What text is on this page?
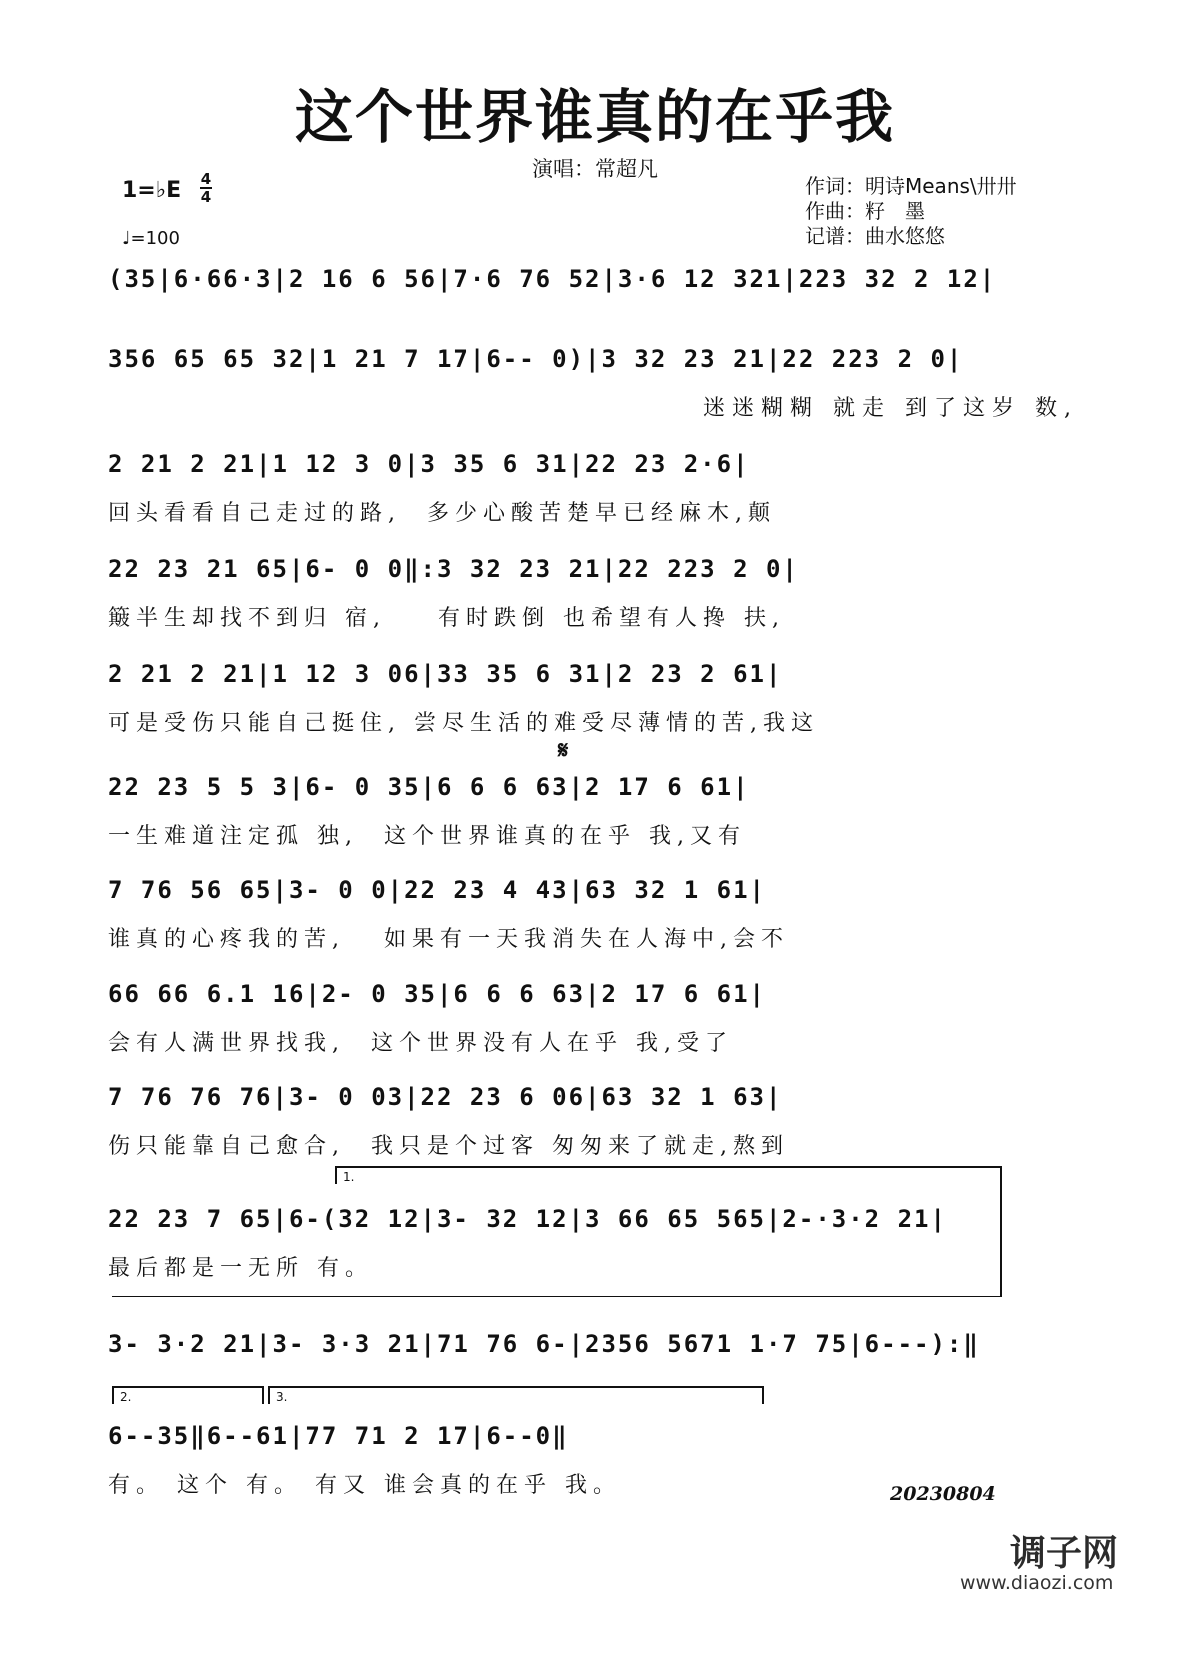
这个世界谁真的在乎我
演唱：常超凡
1=♭E 4
4
♩=100
作词：明诗Means\卅卅
作曲：籽　墨
记谱：曲水悠悠
(35|6·66·3|2 16 6 56|7·6 76 52|3·6 12 321|223 32 2 12|
356 65 65 32|1 21 7 17|6-- 0)|3 32 23 21|22 223 2 0|
迷迷糊糊 就走 到了这岁 数,
2 21 2 21|1 12 3 0|3 35 6 31|22 23 2·6|
回头看看自己走过的路,  多少心酸苦楚早已经麻木,颠
22 23 21 65|6- 0 0‖:3 32 23 21|22 223 2 0|
簸半生却找不到归 宿,    有时跌倒 也希望有人搀 扶,
2 21 2 21|1 12 3 06|33 35 6 31|2 23 2 61|
可是受伤只能自己挺住, 尝尽生活的难受尽薄情的苦,我这
𝄋
22 23 5 5 3|6- 0 35|6 6 6 63|2 17 6 61|
一生难道注定孤 独,  这个世界谁真的在乎 我,又有
7 76 56 65|3- 0 0|22 23 4 43|63 32 1 61|
谁真的心疼我的苦,   如果有一天我消失在人海中,会不
66 66 6.1 16|2- 0 35|6 6 6 63|2 17 6 61|
会有人满世界找我,  这个世界没有人在乎 我,受了
7 76 76 76|3- 0 03|22 23 6 06|63 32 1 63|
伤只能靠自己愈合,  我只是个过客 匆匆来了就走,熬到
1.
22 23 7 65|6-(32 12|3- 32 12|3 66 65 565|2-·3·2 21|
最后都是一无所 有。
3- 3·2 21|3- 3·3 21|71 76 6-|2356 5671 1·7 75|6---):‖
2.	3.
6--35‖6--61|77 71 2 17|6--0‖
有。 这个 有。 有又 谁会真的在乎 我。	20230804
调子网
www.diaozi.com
